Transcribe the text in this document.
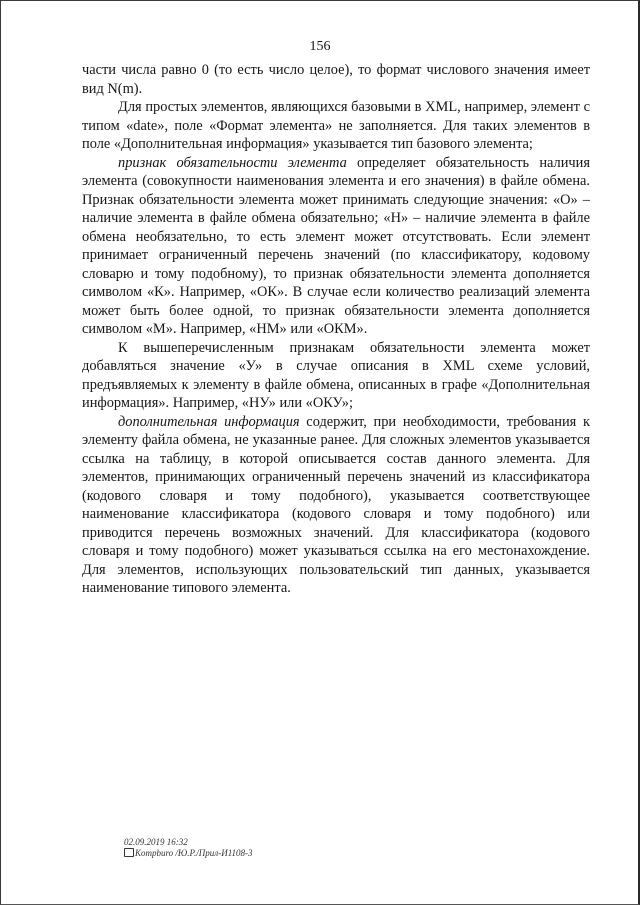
156

части числа равно 0 (то есть число целое), то формат числового значения имеет вид N(m).

Для простых элементов, являющихся базовыми в XML, например, элемент с типом «date», поле «Формат элемента» не заполняется. Для таких элементов в поле «Дополнительная информация» указывается тип базового элемента;

признак обязательности элемента определяет обязательность наличия элемента (совокупности наименования элемента и его значения) в файле обмена. Признак обязательности элемента может принимать следующие значения: «О» – наличие элемента в файле обмена обязательно; «Н» – наличие элемента в файле обмена необязательно, то есть элемент может отсутствовать. Если элемент принимает ограниченный перечень значений (по классификатору, кодовому словарю и тому подобному), то признак обязательности элемента дополняется символом «К». Например, «ОК». В случае если количество реализаций элемента может быть более одной, то признак обязательности элемента дополняется символом «М». Например, «НМ» или «ОКМ».

К вышеперечисленным признакам обязательности элемента может добавляться значение «У» в случае описания в XML схеме условий, предъявляемых к элементу в файле обмена, описанных в графе «Дополнительная информация». Например, «НУ» или «ОКУ»;

дополнительная информация содержит, при необходимости, требования к элементу файла обмена, не указанные ранее. Для сложных элементов указывается ссылка на таблицу, в которой описывается состав данного элемента. Для элементов, принимающих ограниченный перечень значений из классификатора (кодового словаря и тому подобного), указывается соответствующее наименование классификатора (кодового словаря и тому подобного) или приводится перечень возможных значений. Для классификатора (кодового словаря и тому подобного) может указываться ссылка на его местонахождение. Для элементов, использующих пользовательский тип данных, указывается наименование типового элемента.

02.09.2019 16:32
Kompburo /Ю.Р./Прил-И1108-3
